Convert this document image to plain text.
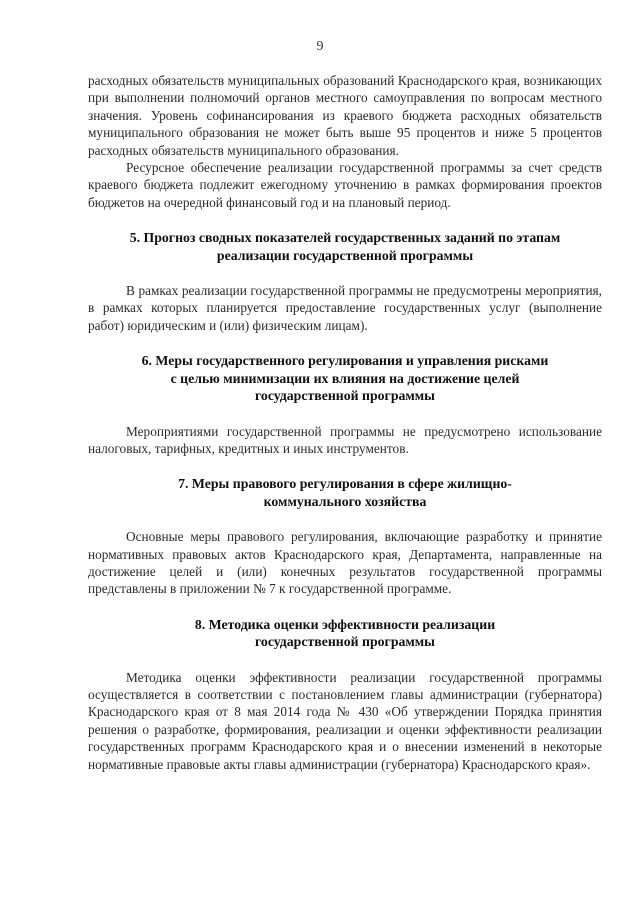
9

расходных обязательств муниципальных образований Краснодарского края, возникающих при выполнении полномочий органов местного самоуправления по вопросам местного значения. Уровень софинансирования из краевого бюджета расходных обязательств муниципального образования не может быть выше 95 процентов и ниже 5 процентов расходных обязательств муниципального образования.

Ресурсное обеспечение реализации государственной программы за счет средств краевого бюджета подлежит ежегодному уточнению в рамках формирования проектов бюджетов на очередной финансовый год и на плановый период.

5. Прогноз сводных показателей государственных заданий по этапам
реализации государственной программы

В рамках реализации государственной программы не предусмотрены мероприятия, в рамках которых планируется предоставление государственных услуг (выполнение работ) юридическим и (или) физическим лицам).

6. Меры государственного регулирования и управления рисками
с целью минимизации их влияния на достижение целей
государственной программы

Мероприятиями государственной программы не предусмотрено использование налоговых, тарифных, кредитных и иных инструментов.

7. Меры правового регулирования в сфере жилищно-
коммунального хозяйства

Основные меры правового регулирования, включающие разработку и принятие нормативных правовых актов Краснодарского края, Департамента, направленные на достижение целей и (или) конечных результатов государственной программы представлены в приложении № 7 к государственной программе.

8. Методика оценки эффективности реализации
государственной программы

Методика оценки эффективности реализации государственной программы осуществляется в соответствии с постановлением главы администрации (губернатора) Краснодарского края от 8 мая 2014 года № 430 «Об утверждении Порядка принятия решения о разработке, формирования, реализации и оценки эффективности реализации государственных программ Краснодарского края и о внесении изменений в некоторые нормативные правовые акты главы администрации (губернатора) Краснодарского края».
